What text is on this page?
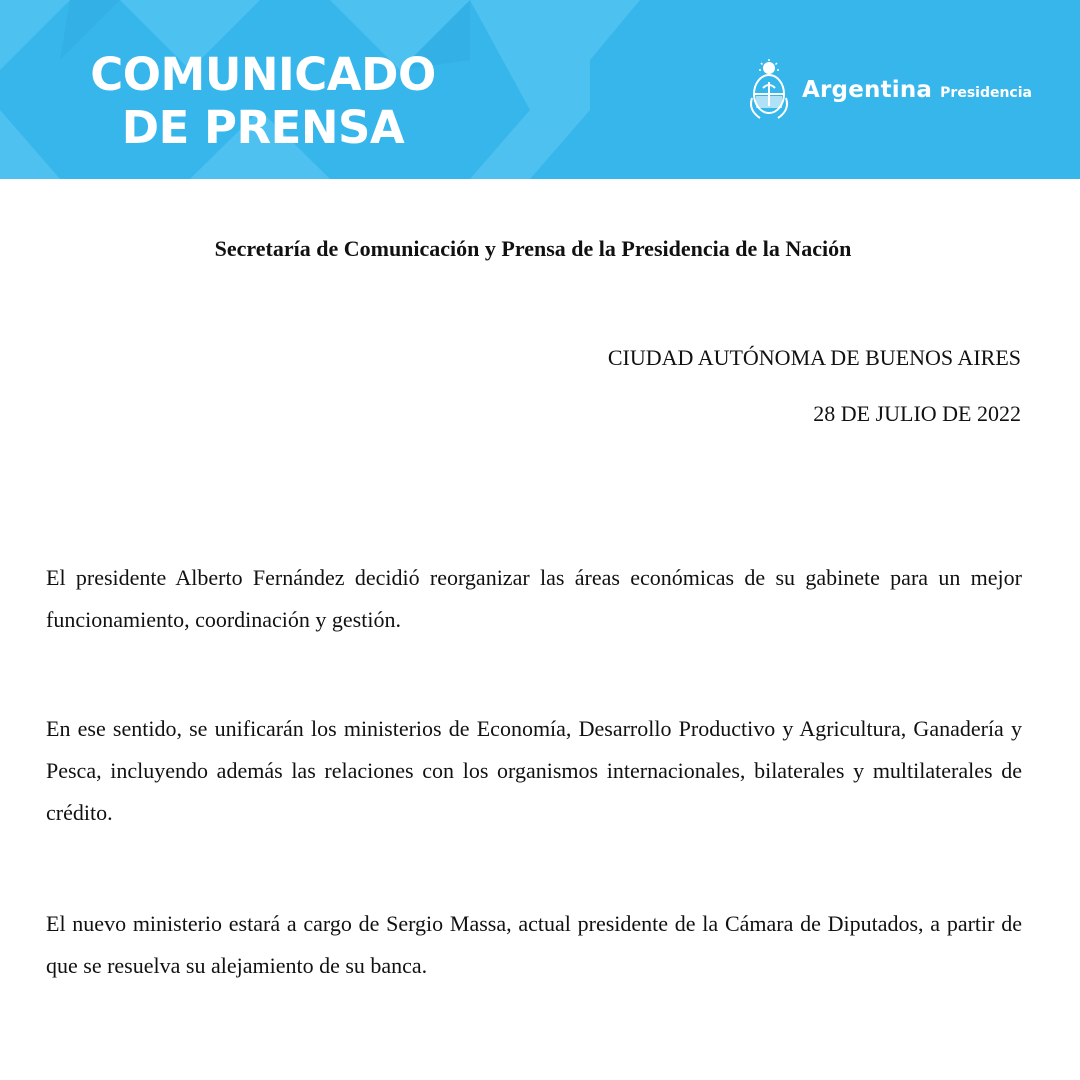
COMUNICADO DE PRENSA
Argentina Presidencia
Secretaría de Comunicación y Prensa de la Presidencia de la Nación
CIUDAD AUTÓNOMA DE BUENOS AIRES
28 DE JULIO DE 2022

El presidente Alberto Fernández decidió reorganizar las áreas económicas de su gabinete para un mejor funcionamiento, coordinación y gestión.

En ese sentido, se unificarán los ministerios de Economía, Desarrollo Productivo y Agricultura, Ganadería y Pesca, incluyendo además las relaciones con los organismos internacionales, bilaterales y multilaterales de crédito.

El nuevo ministerio estará a cargo de Sergio Massa, actual presidente de la Cámara de Diputados, a partir de que se resuelva su alejamiento de su banca.
